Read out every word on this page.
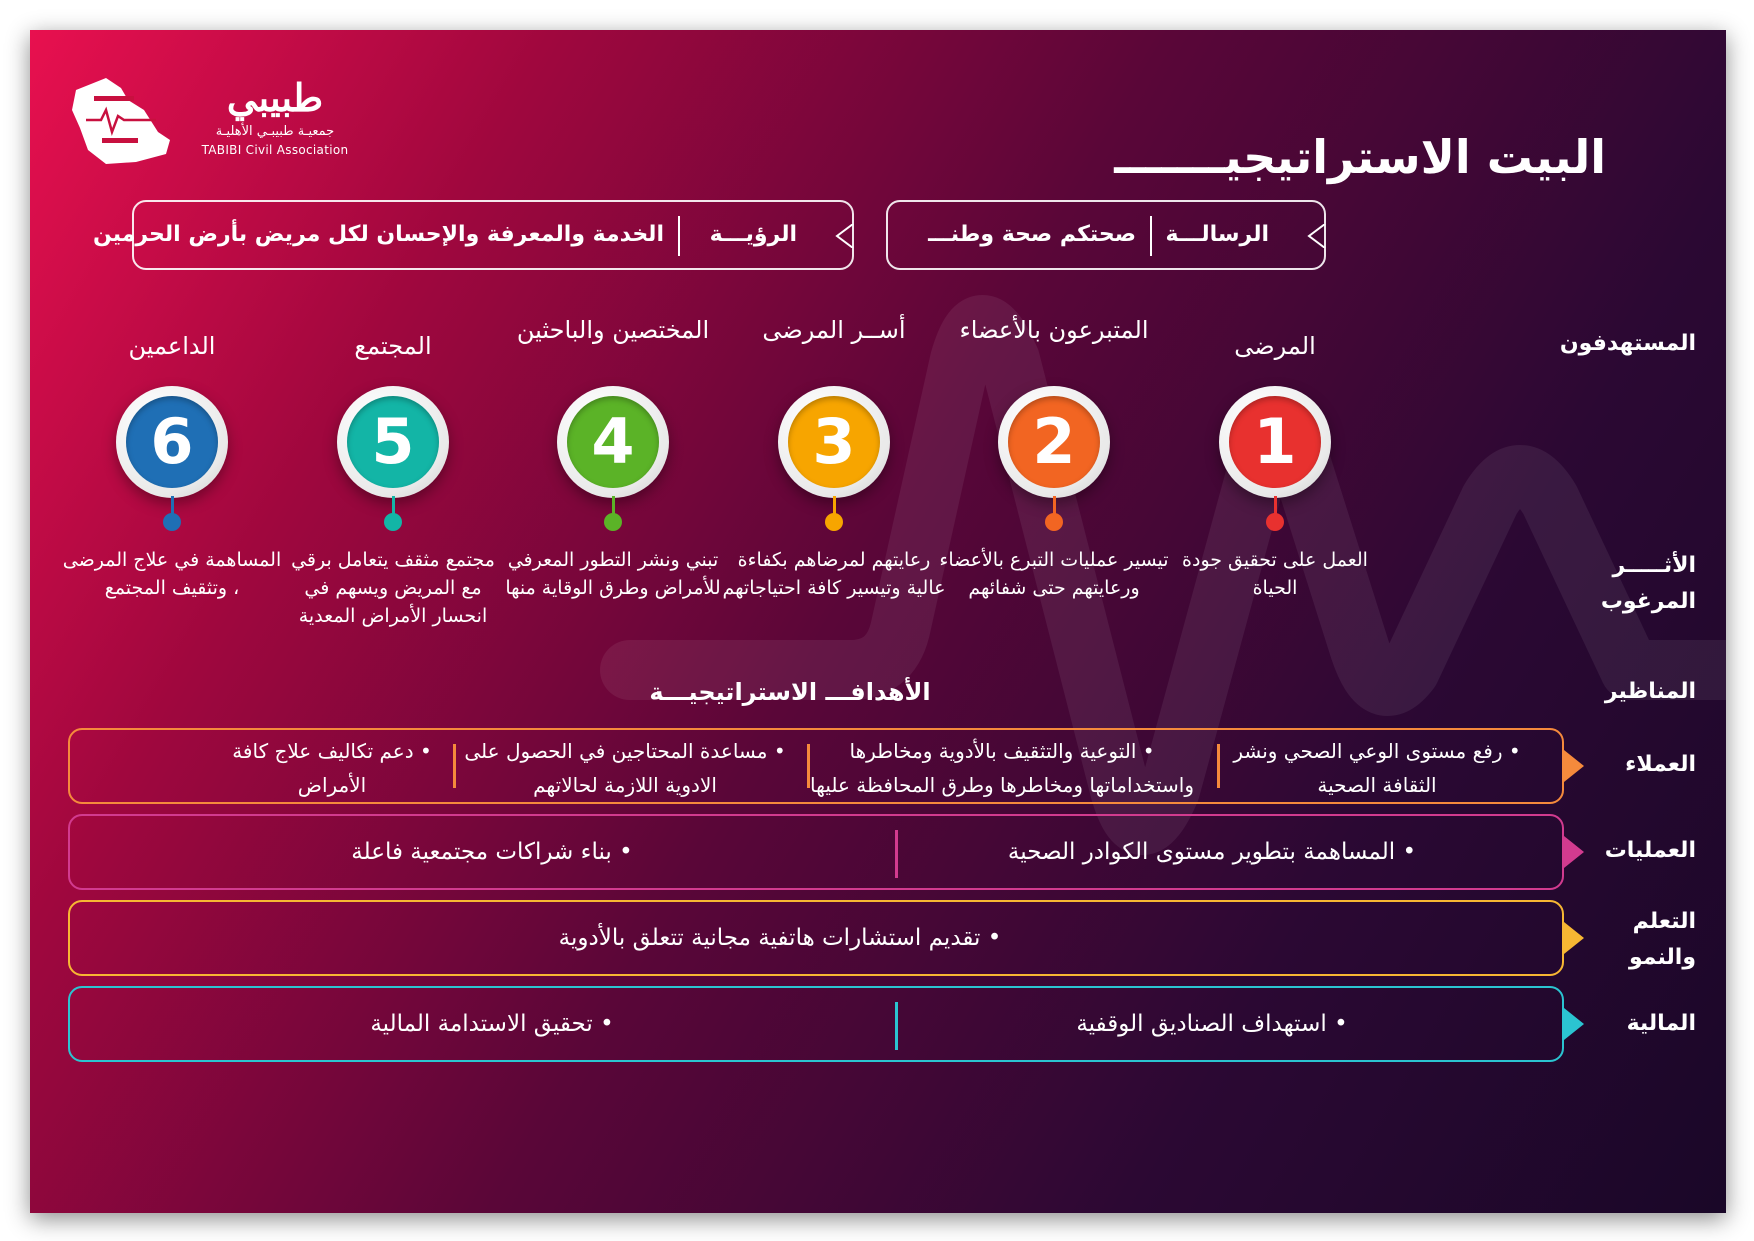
طبيبي
جمعيـة طبيبـي الأهليـة
TABIBI Civil Association	البيت الاستراتيجيـــــــ
الرؤيـــة
الخدمة والمعرفة والإحسان لكل مريض بأرض الحرمين	الرسالـــة
صحتكم صحة وطنـــ
المستهدفون
الأثـــــر المرغوب
المناظير
العملاء
العمليات
التعلم والنمو
المالية
المرضى
1
العمل على تحقيق جودة الحياة
المتبرعون بالأعضاء
2
تيسير عمليات التبرع بالأعضاء ورعايتهم حتى شفائهم
أســر المرضى
3
رعايتهم لمرضاهم بكفاءة عالية وتيسير كافة احتياجاتهم
المختصين والباحثين
4
تبني ونشر التطور المعرفي للأمراض وطرق الوقاية منها
المجتمع
5
مجتمع مثقف يتعامل برقي مع المريض ويسهم في انحسار الأمراض المعدية
الداعمين
6
المساهمة في علاج المرضى ، وتثقيف المجتمع
الأهدافـــ الاستراتيجيـــة
• رفع مستوى الوعي الصحي ونشر الثقافة الصحية
• التوعية والتثقيف بالأدوية ومخاطرها واستخداماتها ومخاطرها وطرق المحافظة عليها
• مساعدة المحتاجين في الحصول على الادوية اللازمة لحالاتهم
• دعم تكاليف علاج كافة الأمراض
• المساهمة بتطوير مستوى الكوادر الصحية
• بناء شراكات مجتمعية فاعلة
• تقديم استشارات هاتفية مجانية تتعلق بالأدوية
• استهداف الصناديق الوقفية
• تحقيق الاستدامة المالية
